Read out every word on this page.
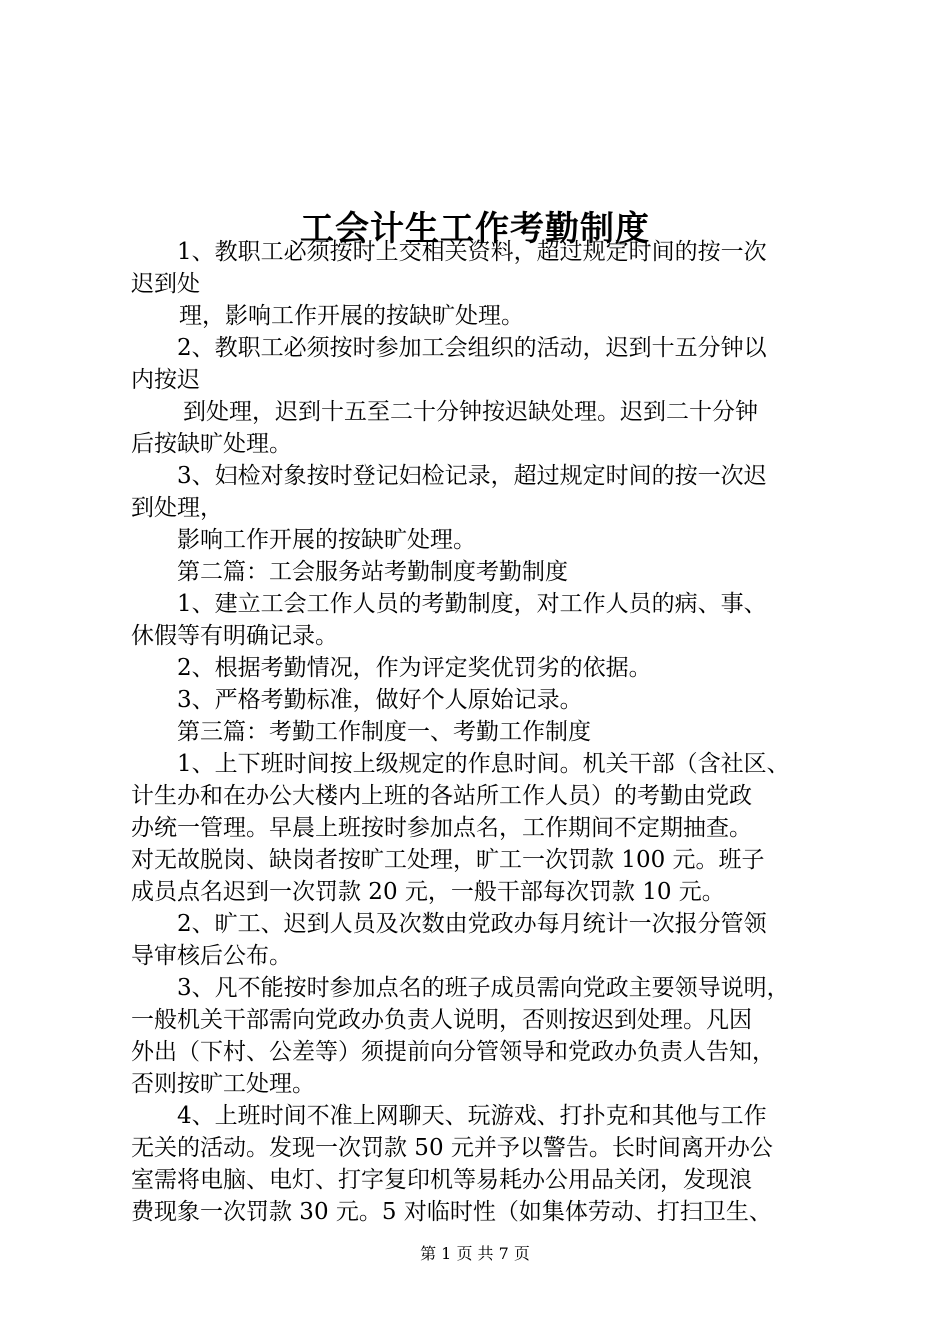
工会计生工作考勤制度
1、教职工必须按时上交相关资料，超过规定时间的按一次
迟到处
理，影响工作开展的按缺旷处理。
2、教职工必须按时参加工会组织的活动，迟到十五分钟以
内按迟
到处理，迟到十五至二十分钟按迟缺处理。迟到二十分钟
后按缺旷处理。
3、妇检对象按时登记妇检记录，超过规定时间的按一次迟
到处理，
影响工作开展的按缺旷处理。
第二篇：工会服务站考勤制度考勤制度
1、建立工会工作人员的考勤制度，对工作人员的病、事、
休假等有明确记录。
2、根据考勤情况，作为评定奖优罚劣的依据。
3、严格考勤标准，做好个人原始记录。
第三篇：考勤工作制度一、考勤工作制度
1、上下班时间按上级规定的作息时间。机关干部（含社区、
计生办和在办公大楼内上班的各站所工作人员）的考勤由党政
办统一管理。早晨上班按时参加点名，工作期间不定期抽查。
对无故脱岗、缺岗者按旷工处理，旷工一次罚款 100 元。班子
成员点名迟到一次罚款 20 元，一般干部每次罚款 10 元。
2、旷工、迟到人员及次数由党政办每月统计一次报分管领
导审核后公布。
3、凡不能按时参加点名的班子成员需向党政主要领导说明，
一般机关干部需向党政办负责人说明，否则按迟到处理。凡因
外出（下村、公差等）须提前向分管领导和党政办负责人告知，
否则按旷工处理。
4、上班时间不准上网聊天、玩游戏、打扑克和其他与工作
无关的活动。发现一次罚款 50 元并予以警告。长时间离开办公
室需将电脑、电灯、打字复印机等易耗办公用品关闭，发现浪
费现象一次罚款 30 元。5 对临时性（如集体劳动、打扫卫生、
第 1 页 共 7 页
